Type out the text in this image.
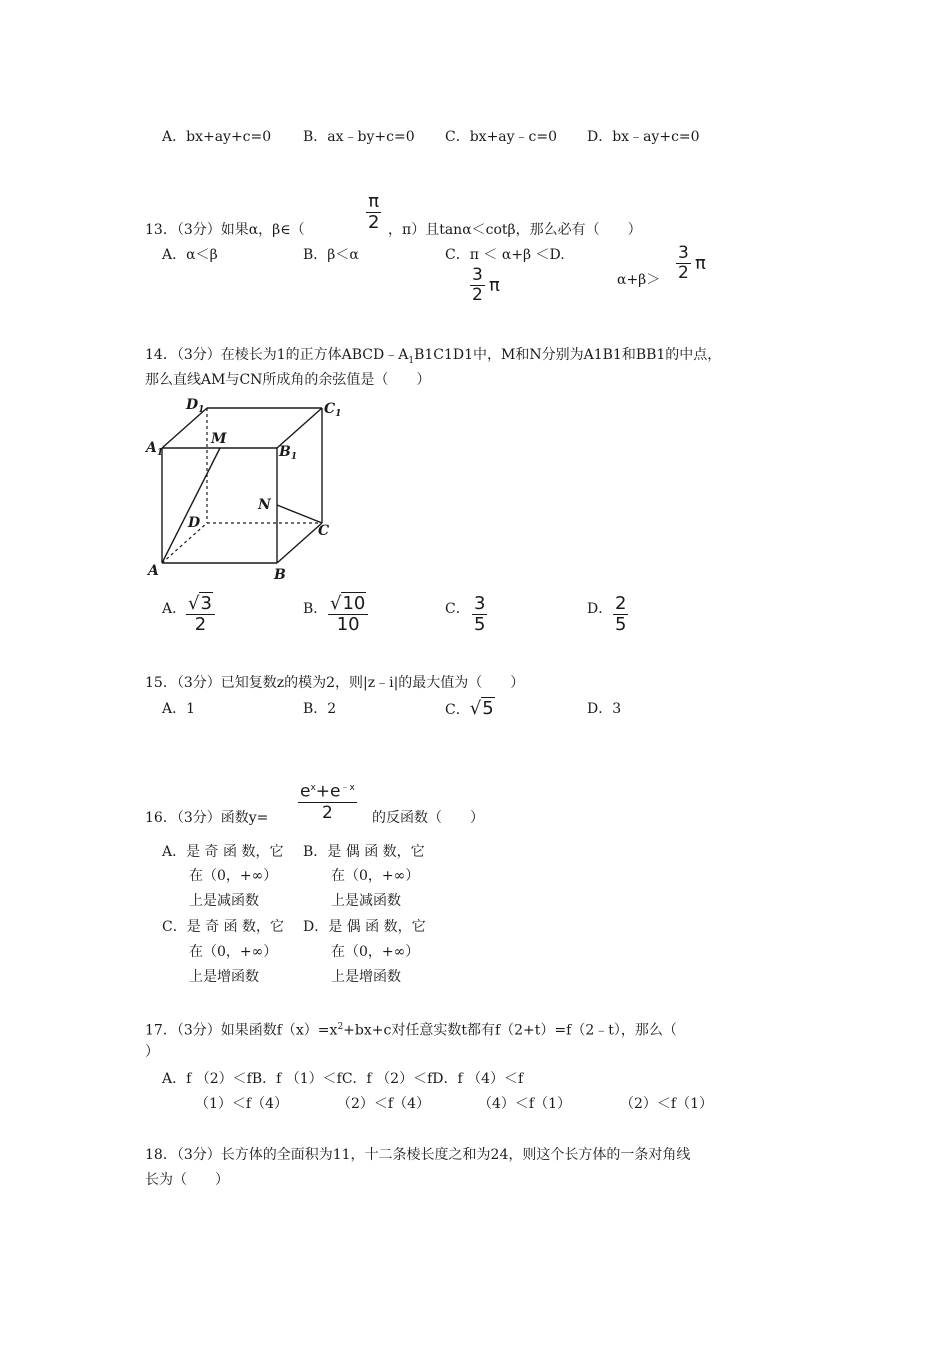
A．bx+ay+c=0 B．ax﹣by+c=0 C．bx+ay﹣c=0 D．bx﹣ay+c=0
13．（3分）如果α，β∈（	$\frac{\pi}{2}$ ，π）且tanα＜cotβ，那么必有（　　）
A．α＜β	B．β＜α	C．π ＜ α+β ＜D.
$\frac{3}{2}$ π	$\alpha+\beta> \frac{3}{2}$ π
14．（3分）在棱长为1的正方体$ABCD﹣A_1B1C1D1$中，M和N分别为A1B1和BB1的中点，
那么直线AM与CN所成角的余弦值是（　　）
$D_1$	$C_1$
$A_1$	$B_1$
M
N
D	C
A	B
A． $\frac{√3}{2}$	B． $\frac{√10}{10}$	C． $\frac{3}{5}$	D． $\frac{2}{5}$
15．（3分）已知复数z的模为2，则|z﹣i|的最大值为（　　）
A．1	B．2	C．√5	D．3
$\frac{e^x+e^{﹣x}}{2}$
16．（3分）函数y=	的反函数（　　）
A．是 奇 函 数，它
在（0，+∞）
上是减函数
B．是 偶 函 数，它
在（0，+∞）
上是减函数
C．是 奇 函 数，它
在（0，+∞）
上是增函数
D．是 偶 函 数，它
在（0，+∞）
上是增函数
17．（3分）如果函数$f(x)=x^2+bx+c$对任意实数t都有f（2+t）=f（2﹣t），那么（
）
A．f （2）＜fB．f （1）＜fC．f （2）＜fD．f （4）＜f
（1）＜f（4）	（2）＜f（4）	（4）＜f（1）	（2）＜f（1）
18．（3分）长方体的全面积为11，十二条棱长度之和为24，则这个长方体的一条对角线
长为（　　）
